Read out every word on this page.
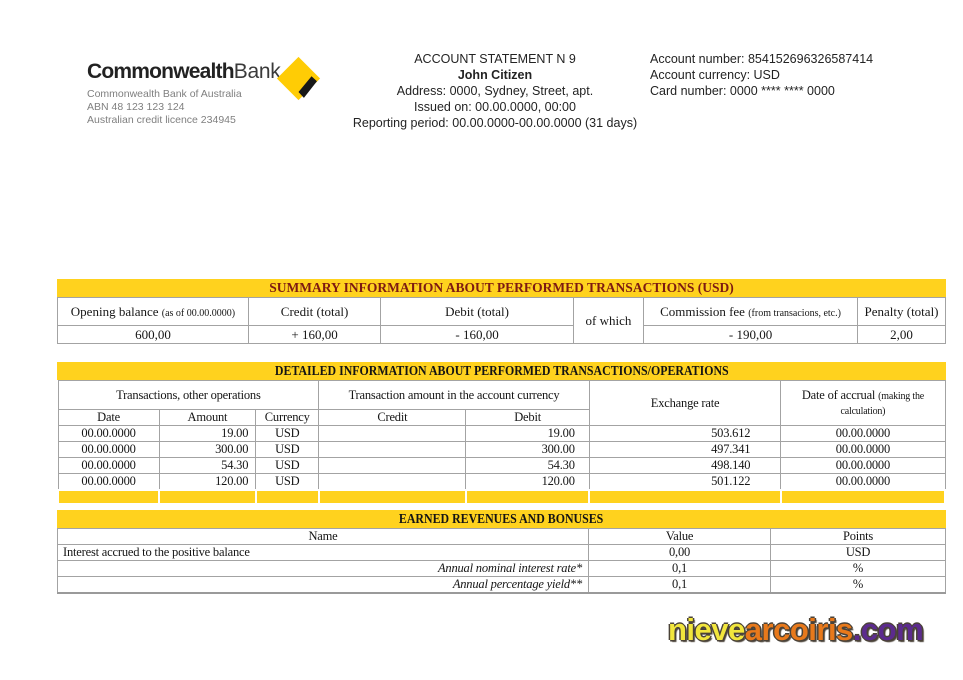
CommonwealthBank
Commonwealth Bank of Australia
ABN 48 123 123 124
Australian credit licence 234945
ACCOUNT STATEMENT N 9
John Citizen
Address: 0000, Sydney, Street, apt.
Issued on: 00.00.0000, 00:00
Reporting period: 00.00.0000-00.00.0000 (31 days)
Account number: 854152696326587414
Account currency: USD
Card number: 0000 **** **** 0000
SUMMARY INFORMATION ABOUT PERFORMED TRANSACTIONS (USD)
Opening balance (as of 00.00.0000)	Credit (total)	Debit (total)	of which	Commission fee (from transacions, etc.)	Penalty (total)
600,00	+ 160,00	- 160,00		- 190,00	2,00
DETAILED INFORMATION ABOUT PERFORMED TRANSACTIONS/OPERATIONS
Transactions, other operations			Transaction amount in the account currency		Exchange rate	Date of accrual (making the calculation)
Date	Amount	Currency	Credit	Debit		
00.00.0000	19.00	USD		19.00	503.612	00.00.0000
00.00.0000	300.00	USD		300.00	497.341	00.00.0000
00.00.0000	54.30	USD		54.30	498.140	00.00.0000
00.00.0000	120.00	USD		120.00	501.122	00.00.0000

EARNED REVENUES AND BONUSES
Name	Value	Points
Interest accrued to the positive balance	0,00	USD
Annual nominal interest rate*	0,1	%
Annual percentage yield**	0,1	%
nievearcoiris.com
